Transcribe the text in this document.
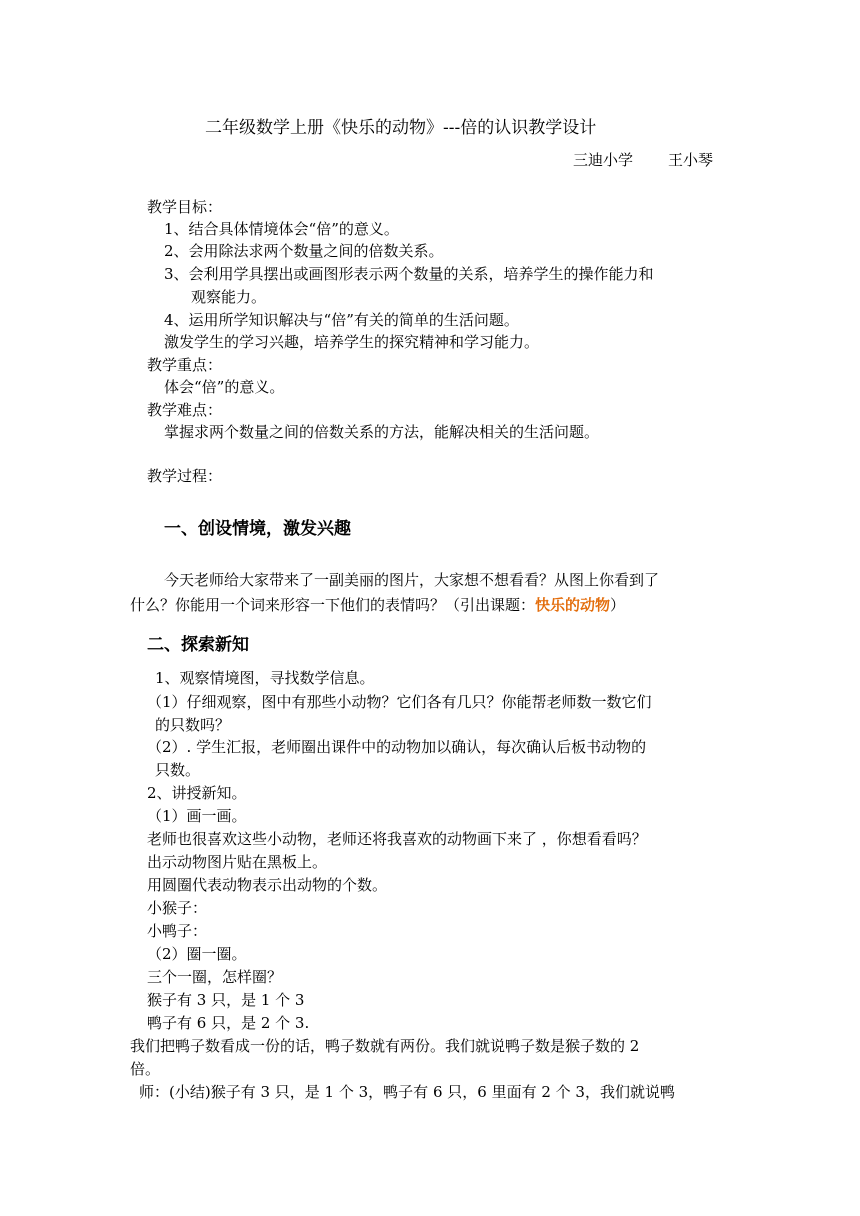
二年级数学上册《快乐的动物》---倍的认识教学设计
三迪小学 王小琴
教学目标：
1、结合具体情境体会“倍”的意义。
2、会用除法求两个数量之间的倍数关系。
3、会利用学具摆出或画图形表示两个数量的关系，培养学生的操作能力和
观察能力。
4、运用所学知识解决与“倍”有关的简单的生活问题。
激发学生的学习兴趣，培养学生的探究精神和学习能力。
教学重点：
体会“倍”的意义。
教学难点：
掌握求两个数量之间的倍数关系的方法，能解决相关的生活问题。
教学过程：
一、创设情境，激发兴趣
今天老师给大家带来了一副美丽的图片，大家想不想看看？从图上你看到了
什么？你能用一个词来形容一下他们的表情吗？（引出课题：快乐的动物）
二、探索新知
1、观察情境图，寻找数学信息。
（1）仔细观察，图中有那些小动物？它们各有几只？你能帮老师数一数它们
的只数吗？
（2）. 学生汇报，老师圈出课件中的动物加以确认，每次确认后板书动物的
只数。
2、讲授新知。
（1）画一画。
老师也很喜欢这些小动物，老师还将我喜欢的动物画下来了 ，你想看看吗？
出示动物图片贴在黑板上。
用圆圈代表动物表示出动物的个数。
小猴子：
小鸭子：
（2）圈一圈。
三个一圈，怎样圈？
猴子有 3 只，是 1 个 3
鸭子有 6 只，是 2 个 3.
我们把鸭子数看成一份的话，鸭子数就有两份。我们就说鸭子数是猴子数的 2
倍。
师：(小结)猴子有 3 只，是 1 个 3，鸭子有 6 只，6 里面有 2 个 3，我们就说鸭
